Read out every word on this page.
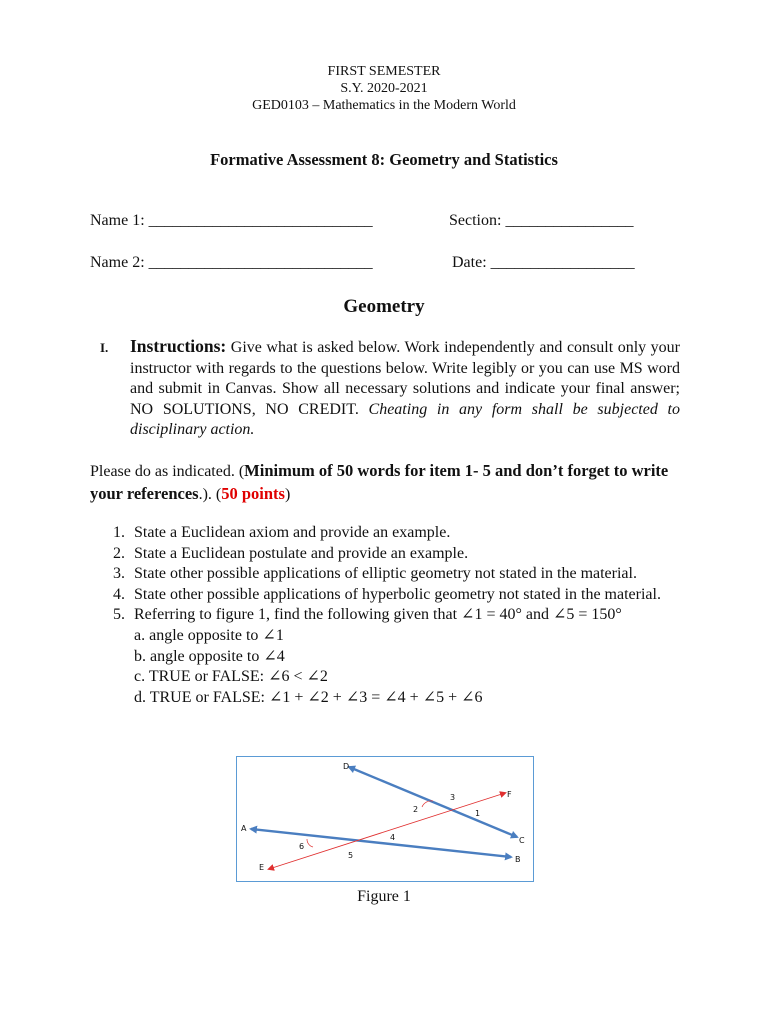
FIRST SEMESTER
S.Y. 2020-2021
GED0103 – Mathematics in the Modern World
Formative Assessment 8: Geometry and Statistics
Name 1: ____________________________	Section: ________________
Name 2: ____________________________	Date: __________________
Geometry
I. Instructions: Give what is asked below. Work independently and consult only your instructor with regards to the questions below. Write legibly or you can use MS word and submit in Canvas. Show all necessary solutions and indicate your final answer; NO SOLUTIONS, NO CREDIT. Cheating in any form shall be subjected to disciplinary action.
Please do as indicated. (Minimum of 50 words for item 1- 5 and don’t forget to write your references.). (50 points)
1. State a Euclidean axiom and provide an example.
2. State a Euclidean postulate and provide an example.
3. State other possible applications of elliptic geometry not stated in the material.
4. State other possible applications of hyperbolic geometry not stated in the material.
5. Referring to figure 1, find the following given that ∠1 = 40° and ∠5 = 150°
a. angle opposite to ∠1
b. angle opposite to ∠4
c. TRUE or FALSE: ∠6 < ∠2
d. TRUE or FALSE: ∠1 + ∠2 + ∠3 = ∠4 + ∠5 + ∠6
D
F
A
C
B
E
1
2
3
4
5
6
Figure 1
